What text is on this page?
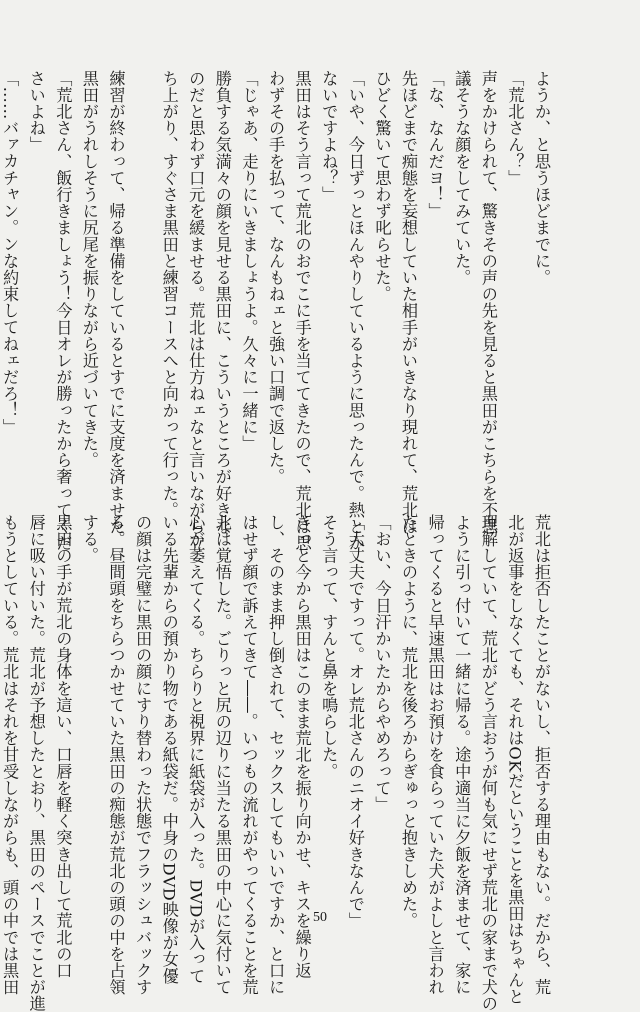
ようか、と思うほどまでに。
「荒北さん？」
声をかけられて、驚きその声の先を見ると黒田がこちらを不思
議そうな顔をしてみていた。
「な、なんだヨ！」
先ほどまで痴態を妄想していた相手がいきなり現れて、荒北は
ひどく驚いて思わず叱らせた。
「いや、今日ずっとほんやりしているように思ったんで。熱とか
ないですよね？」
黒田はそう言って荒北のおでこに手を当ててきたので、荒北は思
わずその手を払って、なんもねェと強い口調で返した。
「じゃあ、走りにいきましょうよ。久々に一緒に」
勝負する気満々の顔を見せる黒田に、こういうところが好きな
のだと思わず口元を緩ませる。荒北は仕方ねェなと言いながら立
ち上がり、すぐさま黒田と練習コースへと向かって行った。
練習が終わって、帰る準備をしているとすでに支度を済ませた
黒田がうれしそうに尻尾を振りながら近づいてきた。
「荒北さん、飯行きましょう！今日オレが勝ったから奢ってくだ
さいよね」
「……バァカチャン。ンな約束してねェだろ！」
荒北は拒否したことがないし、拒否する理由もない。だから、荒
北が返事をしなくても、それはOKだということを黒田はちゃんと
理解していて、荒北がどう言おうが何も気にせず荒北の家まで犬の
ように引っ付いて一緒に帰る。途中適当に夕飯を済ませて、家に
帰ってくると早速黒田はお預けを食らっていた犬がよしと言われ
たときのように、荒北を後ろからぎゅっと抱きしめた。
「おい、今日汗かいたからやめろって」
「大丈夫ですって。オレ荒北さんのニオイ好きなんで」
そう言って、すんと鼻を鳴らした。
きっと今から黒田はこのまま荒北を振り向かせ、キスを繰り返
し、そのまま押し倒されて、セックスしてもいいですか、と口に
はせず顔で訴えてきて――。いつもの流れがやってくることを荒
北は覚悟した。ごりっと尻の辺りに当たる黒田の中心に気付いて
心が萎えてくる。ちらりと視界に紙袋が入った。DVDが入って
いる先輩からの預かり物である紙袋だ。中身のDVD映像が女優
の顔は完璧に黒田の顔にすり替わった状態でフラッシュバックす
る。昼間頭をちらつかせていた黒田の痴態が荒北の頭の中を占領
する。
黒田の手が荒北の身体を這い、口唇を軽く突き出して荒北の口
唇に吸い付いた。荒北が予想したとおり、黒田のペースでことが進
もうとしている。荒北はそれを甘受しながらも、頭の中では黒田	50
